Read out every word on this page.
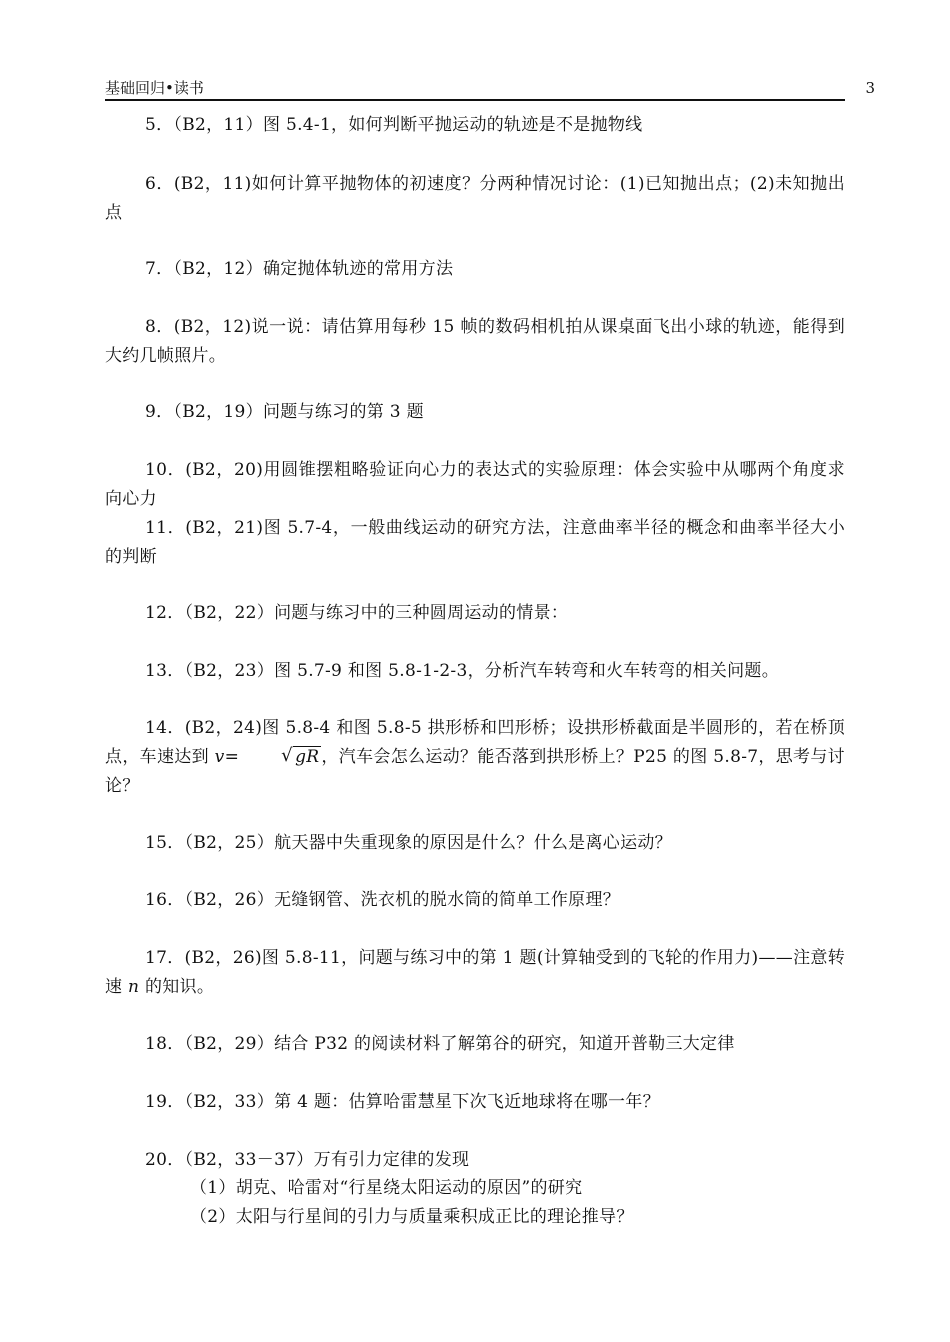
基础回归•读书	3
5．（B2，11）图 5.4-1，如何判断平抛运动的轨迹是不是抛物线
6．(B2，11)如何计算平抛物体的初速度？分两种情况讨论：(1)已知抛出点；(2)未知抛出点
7．（B2，12）确定抛体轨迹的常用方法
8．(B2，12)说一说：请估算用每秒 15 帧的数码相机拍从课桌面飞出小球的轨迹，能得到大约几帧照片。
9．（B2，19）问题与练习的第 3 题
10．(B2，20)用圆锥摆粗略验证向心力的表达式的实验原理：体会实验中从哪两个角度求向心力
11．(B2，21)图 5.7-4，一般曲线运动的研究方法，注意曲率半径的概念和曲率半径大小的判断
12．（B2，22）问题与练习中的三种圆周运动的情景：
13．（B2，23）图 5.7-9 和图 5.8-1-2-3，分析汽车转弯和火车转弯的相关问题。
14．(B2，24)图 5.8-4 和图 5.8-5 拱形桥和凹形桥；设拱形桥截面是半圆形的，若在桥顶点，车速达到 v=	√ gR ，汽车会怎么运动？能否落到拱形桥上？P25 的图 5.8-7，思考与讨论？
15．（B2，25）航天器中失重现象的原因是什么？什么是离心运动？
16．（B2，26）无缝钢管、洗衣机的脱水筒的简单工作原理？
17．(B2，26)图 5.8-11，问题与练习中的第 1 题(计算轴受到的飞轮的作用力)——注意转速 n 的知识。
18．（B2，29）结合 P32 的阅读材料了解第谷的研究，知道开普勒三大定律
19．（B2，33）第 4 题：估算哈雷慧星下次飞近地球将在哪一年？
20．（B2，33－37）万有引力定律的发现
（1）胡克、哈雷对“行星绕太阳运动的原因”的研究
（2）太阳与行星间的引力与质量乘积成正比的理论推导？
